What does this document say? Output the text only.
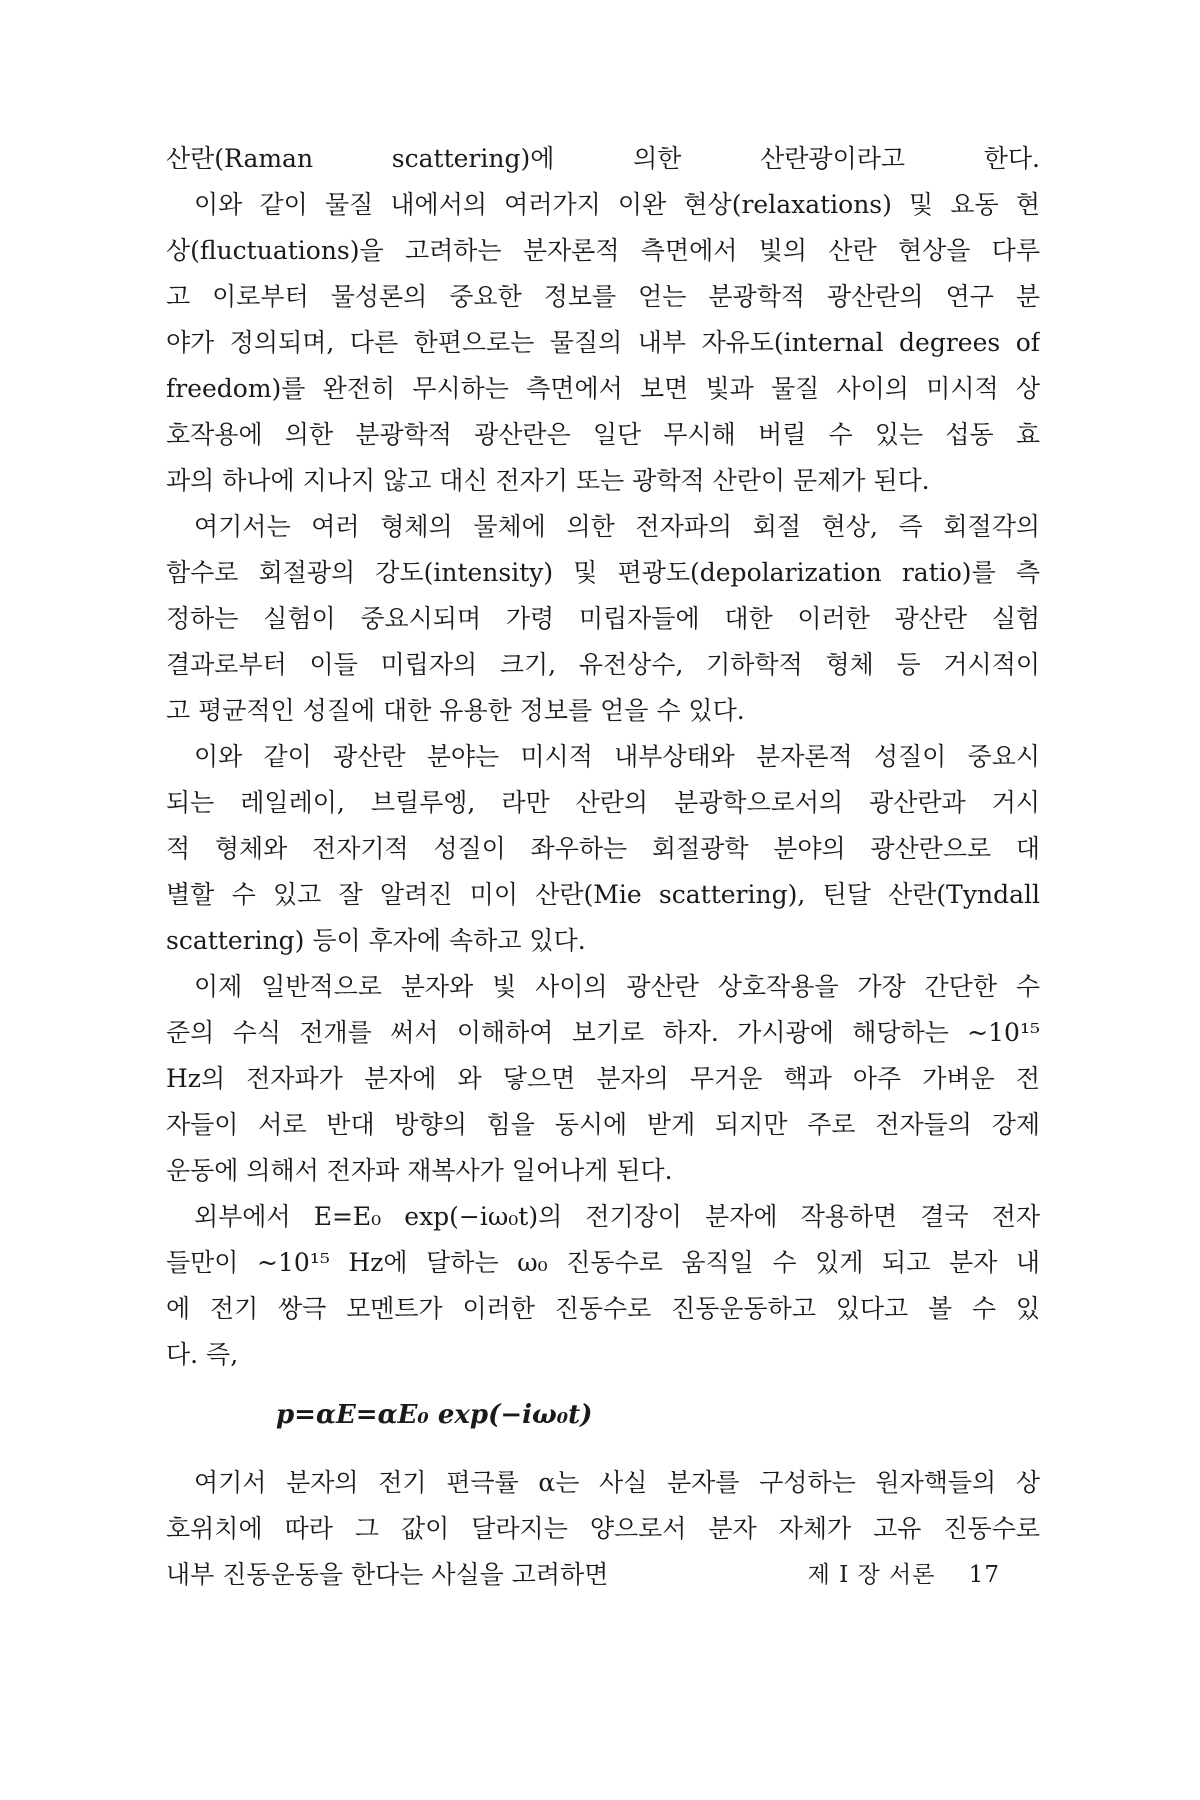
산란(Raman scattering)에 의한 산란광이라고 한다.
이와 같이 물질 내에서의 여러가지 이완 현상(relaxations) 및 요동 현
상(fluctuations)을 고려하는 분자론적 측면에서 빛의 산란 현상을 다루
고 이로부터 물성론의 중요한 정보를 얻는 분광학적 광산란의 연구 분
야가 정의되며, 다른 한편으로는 물질의 내부 자유도(internal degrees of
freedom)를 완전히 무시하는 측면에서 보면 빛과 물질 사이의 미시적 상
호작용에 의한 분광학적 광산란은 일단 무시해 버릴 수 있는 섭동 효
과의 하나에 지나지 않고 대신 전자기 또는 광학적 산란이 문제가 된다.
여기서는 여러 형체의 물체에 의한 전자파의 회절 현상, 즉 회절각의
함수로 회절광의 강도(intensity) 및 편광도(depolarization ratio)를 측
정하는 실험이 중요시되며 가령 미립자들에 대한 이러한 광산란 실험
결과로부터 이들 미립자의 크기, 유전상수, 기하학적 형체 등 거시적이
고 평균적인 성질에 대한 유용한 정보를 얻을 수 있다.
이와 같이 광산란 분야는 미시적 내부상태와 분자론적 성질이 중요시
되는 레일레이, 브릴루엥, 라만 산란의 분광학으로서의 광산란과 거시
적 형체와 전자기적 성질이 좌우하는 회절광학 분야의 광산란으로 대
별할 수 있고 잘 알려진 미이 산란(Mie scattering), 틴달 산란(Tyndall
scattering) 등이 후자에 속하고 있다.
이제 일반적으로 분자와 빛 사이의 광산란 상호작용을 가장 간단한 수
준의 수식 전개를 써서 이해하여 보기로 하자. 가시광에 해당하는 ~10¹⁵
Hz의 전자파가 분자에 와 닿으면 분자의 무거운 핵과 아주 가벼운 전
자들이 서로 반대 방향의 힘을 동시에 받게 되지만 주로 전자들의 강제
운동에 의해서 전자파 재복사가 일어나게 된다.
외부에서 E=E₀ exp(−iω₀t)의 전기장이 분자에 작용하면 결국 전자
들만이 ~10¹⁵ Hz에 달하는 ω₀ 진동수로 움직일 수 있게 되고 분자 내
에 전기 쌍극 모멘트가 이러한 진동수로 진동운동하고 있다고 볼 수 있
다. 즉,
p=αE=αE₀ exp(−iω₀t)
여기서 분자의 전기 편극률 α는 사실 분자를 구성하는 원자핵들의 상
호위치에 따라 그 값이 달라지는 양으로서 분자 자체가 고유 진동수로
내부 진동운동을 한다는 사실을 고려하면	제 I 장 서론 17
